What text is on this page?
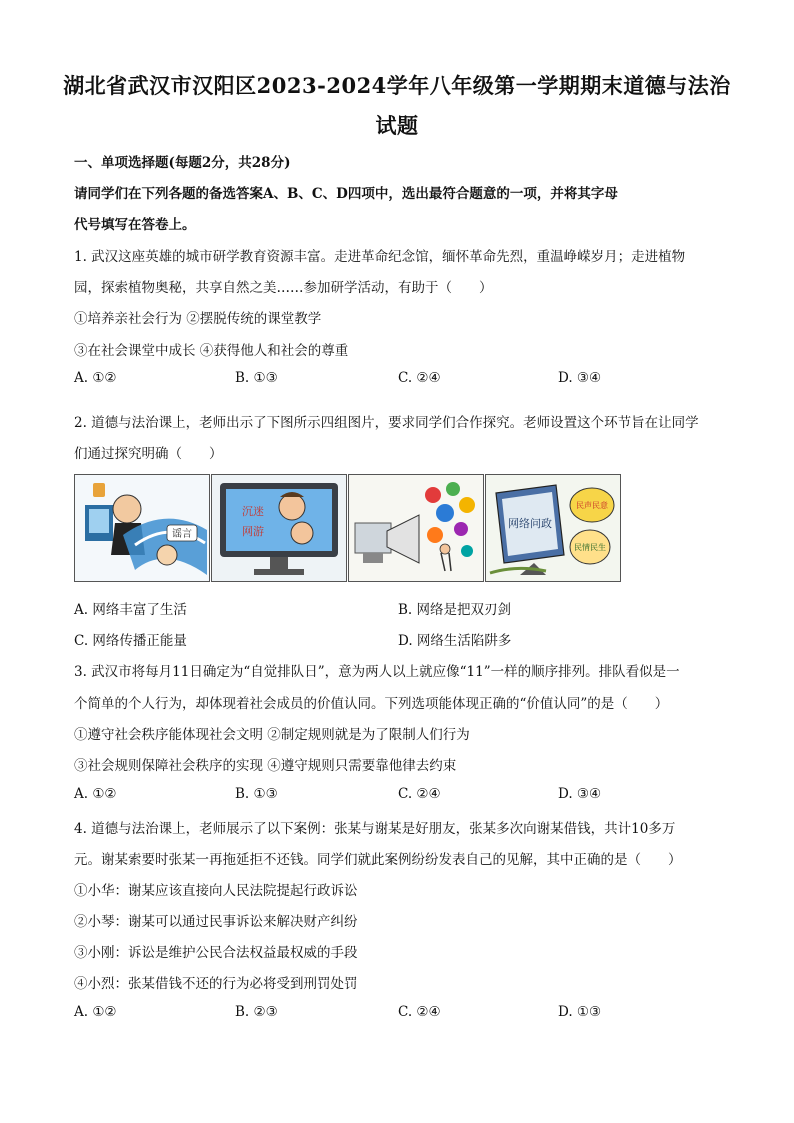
湖北省武汉市汉阳区2023-2024学年八年级第一学期期末道德与法治
试题
一、单项选择题(每题2分，共28分)
请同学们在下列各题的备选答案A、B、C、D四项中，选出最符合题意的一项，并将其字母
代号填写在答卷上。
1. 武汉这座英雄的城市研学教育资源丰富。走进革命纪念馆，缅怀革命先烈，重温峥嵘岁月；走进植物
园，探索植物奥秘，共享自然之美……参加研学活动，有助于（　　）
①培养亲社会行为 ②摆脱传统的课堂教学
③在社会课堂中成长 ④获得他人和社会的尊重
A. ①②	B. ①③	C. ②④	D. ③④
2. 道德与法治课上，老师出示了下图所示四组图片，要求同学们合作探究。老师设置这个环节旨在让同学
们通过探究明确（　　）
谣言
沉迷
网游
网络问政
民声民意
民情民生
A. 网络丰富了生活	B. 网络是把双刃剑
C. 网络传播正能量	D. 网络生活陷阱多
3. 武汉市将每月11日确定为“自觉排队日”，意为两人以上就应像“11”一样的顺序排列。排队看似是一
个简单的个人行为，却体现着社会成员的价值认同。下列选项能体现正确的“价值认同”的是（　　）
①遵守社会秩序能体现社会文明 ②制定规则就是为了限制人们行为
③社会规则保障社会秩序的实现 ④遵守规则只需要靠他律去约束
A. ①②	B. ①③	C. ②④	D. ③④
4. 道德与法治课上，老师展示了以下案例：张某与谢某是好朋友，张某多次向谢某借钱，共计10多万
元。谢某索要时张某一再拖延拒不还钱。同学们就此案例纷纷发表自己的见解，其中正确的是（　　）
①小华：谢某应该直接向人民法院提起行政诉讼
②小琴：谢某可以通过民事诉讼来解决财产纠纷
③小刚：诉讼是维护公民合法权益最权威的手段
④小烈：张某借钱不还的行为必将受到刑罚处罚
A. ①②	B. ②③	C. ②④	D. ①③
